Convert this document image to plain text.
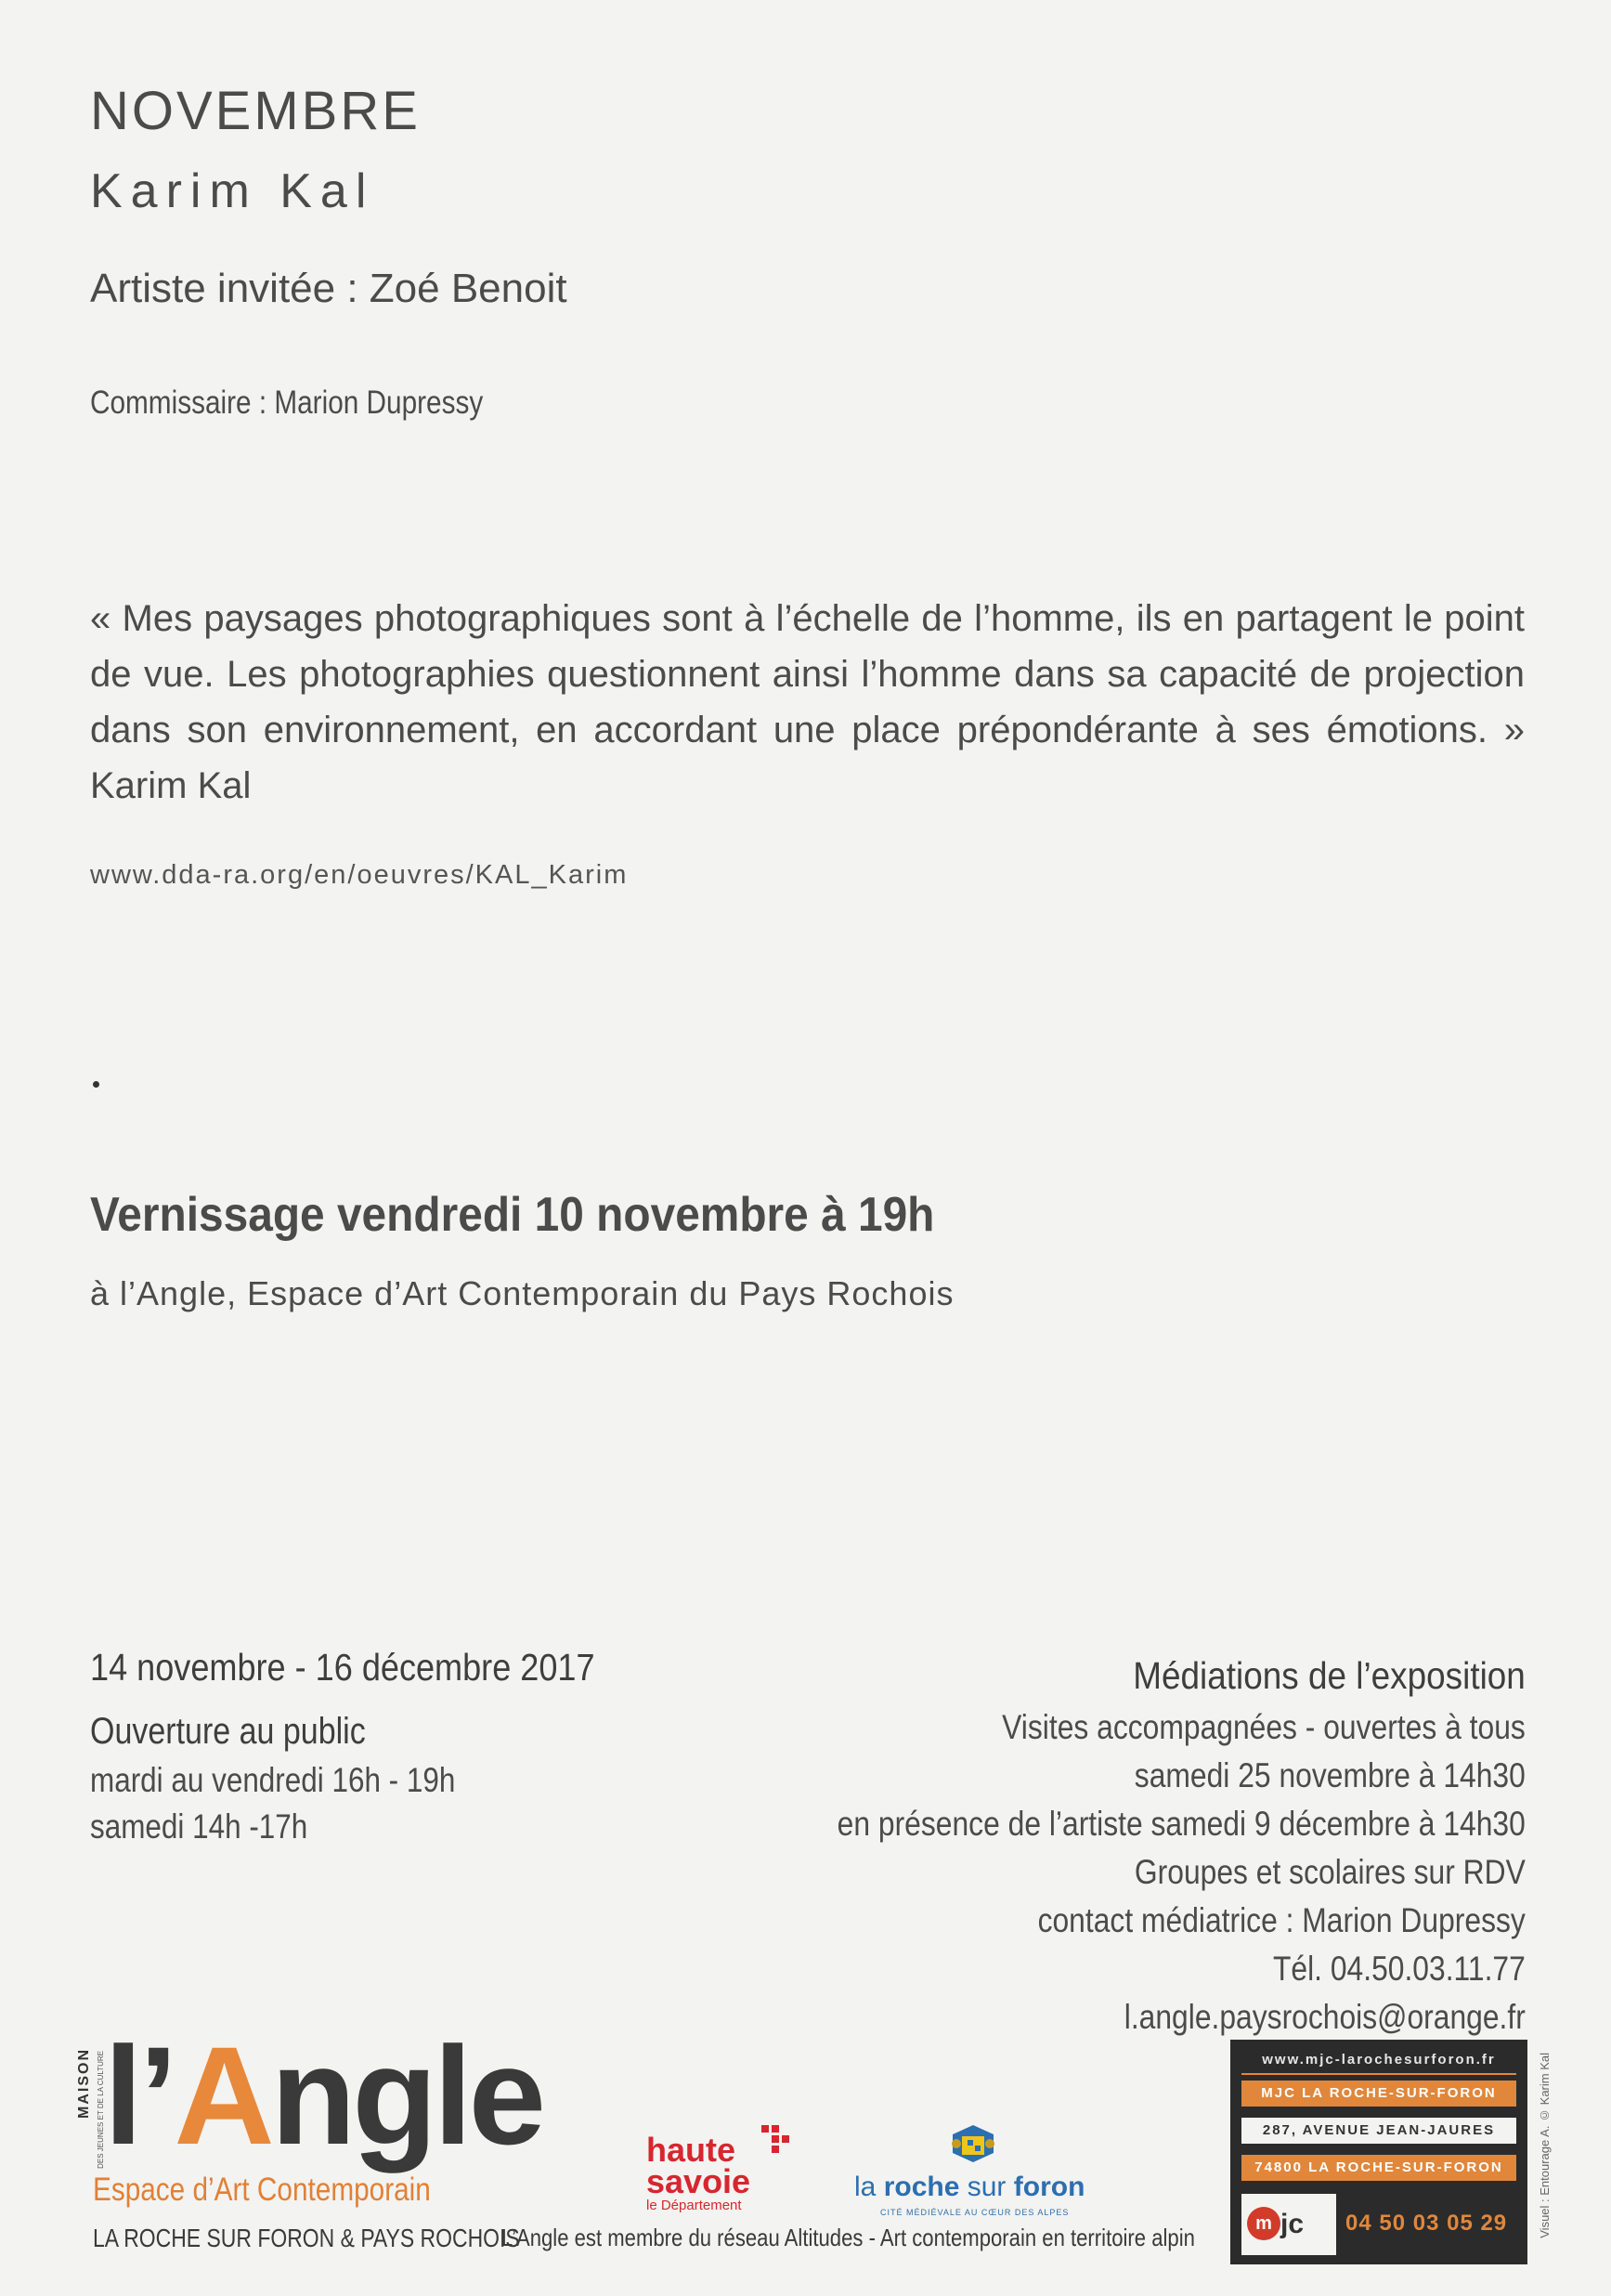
NOVEMBRE
Karim Kal
Artiste invitée : Zoé Benoit
Commissaire : Marion Dupressy
« Mes paysages photographiques sont à l’échelle de l’homme, ils en partagent le point de vue. Les photographies questionnent ainsi l’homme dans sa capacité de projection dans son environnement, en accordant une place prépondérante à ses émotions. » Karim Kal
www.dda-ra.org/en/oeuvres/KAL_Karim
Vernissage vendredi 10 novembre à 19h
à l’Angle, Espace d’Art Contemporain du Pays Rochois
14 novembre - 16 décembre 2017
Ouverture au public
mardi au vendredi 16h - 19h
samedi 14h -17h
Médiations de l’exposition
Visites accompagnées - ouvertes à tous
samedi 25 novembre à 14h30
en présence de l’artiste samedi 9 décembre à 14h30
Groupes et scolaires sur RDV
contact médiatrice : Marion Dupressy
Tél. 04.50.03.11.77
l.angle.paysrochois@orange.fr
MAISON DES JEUNES ET DE LA CULTURE l’Angle
Espace d’Art Contemporain
LA ROCHE SUR FORON & PAYS ROCHOIS
haute
savoie
le Département
la roche sur foron
CITÉ MÉDIÉVALE AU CŒUR DES ALPES
L’Angle est membre du réseau Altitudes - Art contemporain en territoire alpin
www.mjc-larochesurforon.fr
MJC LA ROCHE-SUR-FORON
287, AVENUE JEAN-JAURES
74800 LA ROCHE-SUR-FORON
m jc 04 50 03 05 29	Visuel : Entourage A. © Karim Kal
